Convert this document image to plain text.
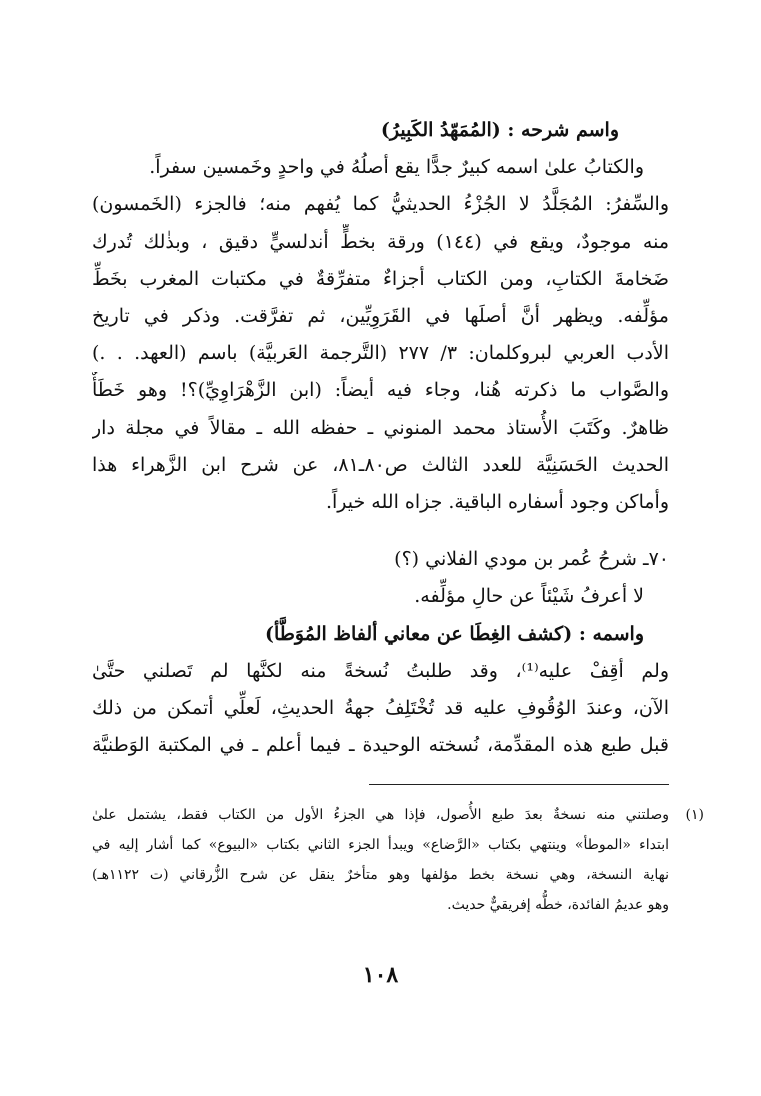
واسم شرحه : (المُمَهّدُ الكَبِيرُ)
والكتابُ علىٰ اسمه كبيرٌ جدًّا يقع أصلُهُ في واحدٍ وخَمسين سفراً.
والسِّفرُ: المُجَلَّدُ لا الجُزْءُ الحديثيُّ كما يُفهم منه؛ فالجزء (الخَمسون)
منه موجودٌ، ويقع في (١٤٤) ورقة بخطٍّ أندلسيٍّ دقيق ، وبذٰلك تُدرك
ضَخامةَ الكتابِ، ومن الكتاب أجزاءٌ متفرِّقةٌ في مكتبات المغرب بخَطِّ
مؤلِّفه. ويظهر أنَّ أصلَها في القَرَوِيِّين، ثم تفرَّقت. وذكر في تاريخ
الأدب العربي لبروكلمان: ٣/ ٢٧٧ (التَّرجمة العَربيَّة) باسم (العهد. . .)
والصَّواب ما ذكرته هُنا، وجاء فيه أيضاً: (ابن الزَّهْرَاوِيِّ)؟! وهو خَطَأٌ
ظاهرٌ. وكَتَبَ الأُستاذ محمد المنوني ـ حفظه الله ـ مقالاً في مجلة دار
الحديث الحَسَنِيَّة للعدد الثالث ص٨٠ـ٨١، عن شرح ابن الزَّهراء هذا
وأماكن وجود أسفاره الباقية. جزاه الله خيراً.
٧٠ـ شرحُ عُمر بن مودي الفلاني (؟)
لا أعرفُ شَيْئاً عن حالِ مؤلِّفه.
واسمه : (كشف الغِطَا عن معاني ألفاظ المُوَطَّأ)
ولم أقِفْ عليه⁽¹⁾، وقد طلبتُ نُسخةً منه لكنَّها لم تَصلني حتَّىٰ
الآن، وعندَ الوُقُوفِ عليه قد تُخْتَلِفُ جهةُ الحديثِ، لَعلِّي أتمكن من ذلك
قبل طبع هذه المقدِّمة، نُسخته الوحيدة ـ فيما أعلم ـ في المكتبة الوَطنيَّة
(١)
وصلتني منه نسخةٌ بعدَ طبع الأُصول، فإذا هي الجزءُ الأول من الكتاب فقط، يشتمل علىٰ
ابتداء «الموطأ» وينتهي بكتاب «الرَّضاع» ويبدأ الجزء الثاني بكتاب «البيوع» كما أشار إليه في
نهاية النسخة، وهي نسخة بخط مؤلفها وهو متأخرٌ ينقل عن شرح الزُّرقاني (ت ١١٢٢هـ)
وهو عديمُ الفائدة، خطُّه إفريقيٌّ حديث.
١٠٨
